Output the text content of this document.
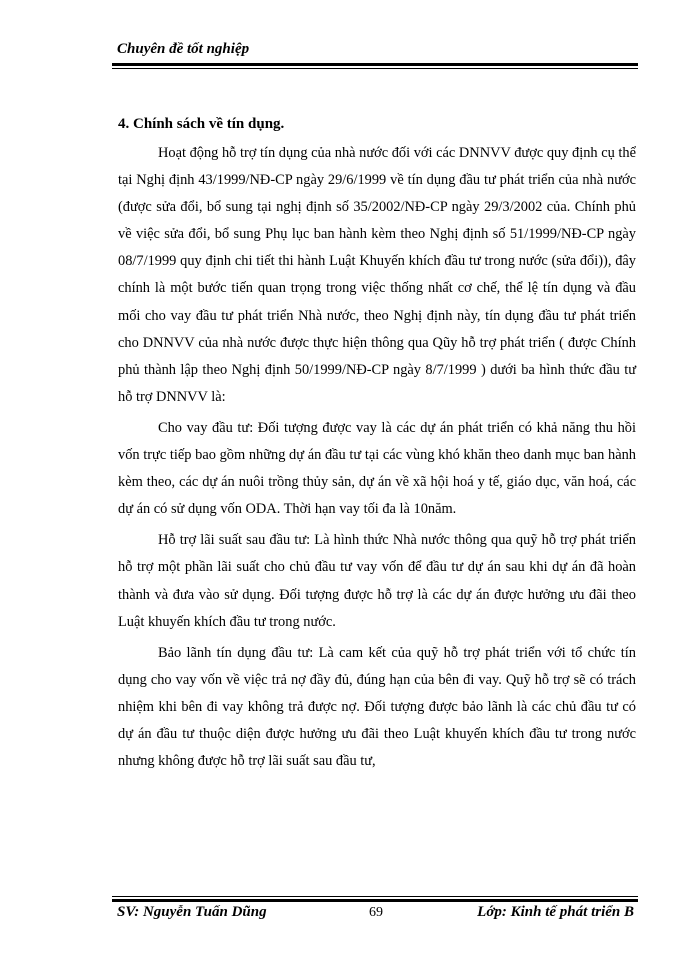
Chuyên đề tốt nghiệp
4. Chính sách về tín dụng.

Hoạt động hỗ trợ tín dụng của nhà nước đối với các DNNVV được quy định cụ thể tại Nghị định 43/1999/NĐ-CP ngày 29/6/1999 về tín dụng đầu tư phát triển của nhà nước (được sửa đổi, bổ sung tại nghị định số 35/2002/NĐ-CP ngày 29/3/2002 của. Chính phủ về việc sửa đổi, bổ sung Phụ lục ban hành kèm theo Nghị định số 51/1999/NĐ-CP ngày 08/7/1999 quy định chi tiết thi hành Luật Khuyến khích đầu tư trong nước (sửa đổi)), đây chính là một bước tiến quan trọng trong việc thống nhất cơ chế, thể lệ tín dụng và đầu mối cho vay đầu tư phát triển Nhà nước, theo Nghị định này, tín dụng đầu tư phát triển cho DNNVV của nhà nước được thực hiện thông qua Qũy hỗ trợ phát triển ( được Chính phủ thành lập theo Nghị định 50/1999/NĐ-CP ngày 8/7/1999 ) dưới ba hình thức đầu tư hỗ trợ DNNVV là:

Cho vay đầu tư: Đối tượng được vay là các dự án phát triển có khả năng thu hồi vốn trực tiếp bao gồm những dự án đầu tư tại các vùng khó khăn theo danh mục ban hành kèm theo, các dự án nuôi trồng thủy sản, dự án về xã hội hoá y tế, giáo dục, văn hoá, các dự án có sử dụng vốn ODA. Thời hạn vay tối đa là 10năm.

Hỗ trợ lãi suất sau đầu tư: Là hình thức Nhà nước thông qua quỹ hỗ trợ phát triển hỗ trợ một phần lãi suất cho chủ đầu tư vay vốn để đầu tư dự án sau khi dự án đã hoàn thành và đưa vào sử dụng. Đối tượng được hỗ trợ là các dự án được hưởng ưu đãi theo Luật khuyến khích đầu tư trong nước.

Bảo lãnh tín dụng đầu tư: Là cam kết của quỹ hỗ trợ phát triển với tổ chức tín dụng cho vay vốn về việc trả nợ đầy đủ, đúng hạn của bên đi vay. Quỹ hỗ trợ sẽ có trách nhiệm khi bên đi vay không trả được nợ. Đối tượng được bảo lãnh là các chủ đầu tư có dự án đầu tư thuộc diện được hưởng ưu đãi theo Luật khuyến khích đầu tư trong nước nhưng không được hỗ trợ lãi suất sau đầu tư,

SV: Nguyễn Tuấn Dũng	69	Lớp: Kinh tế phát triển B
